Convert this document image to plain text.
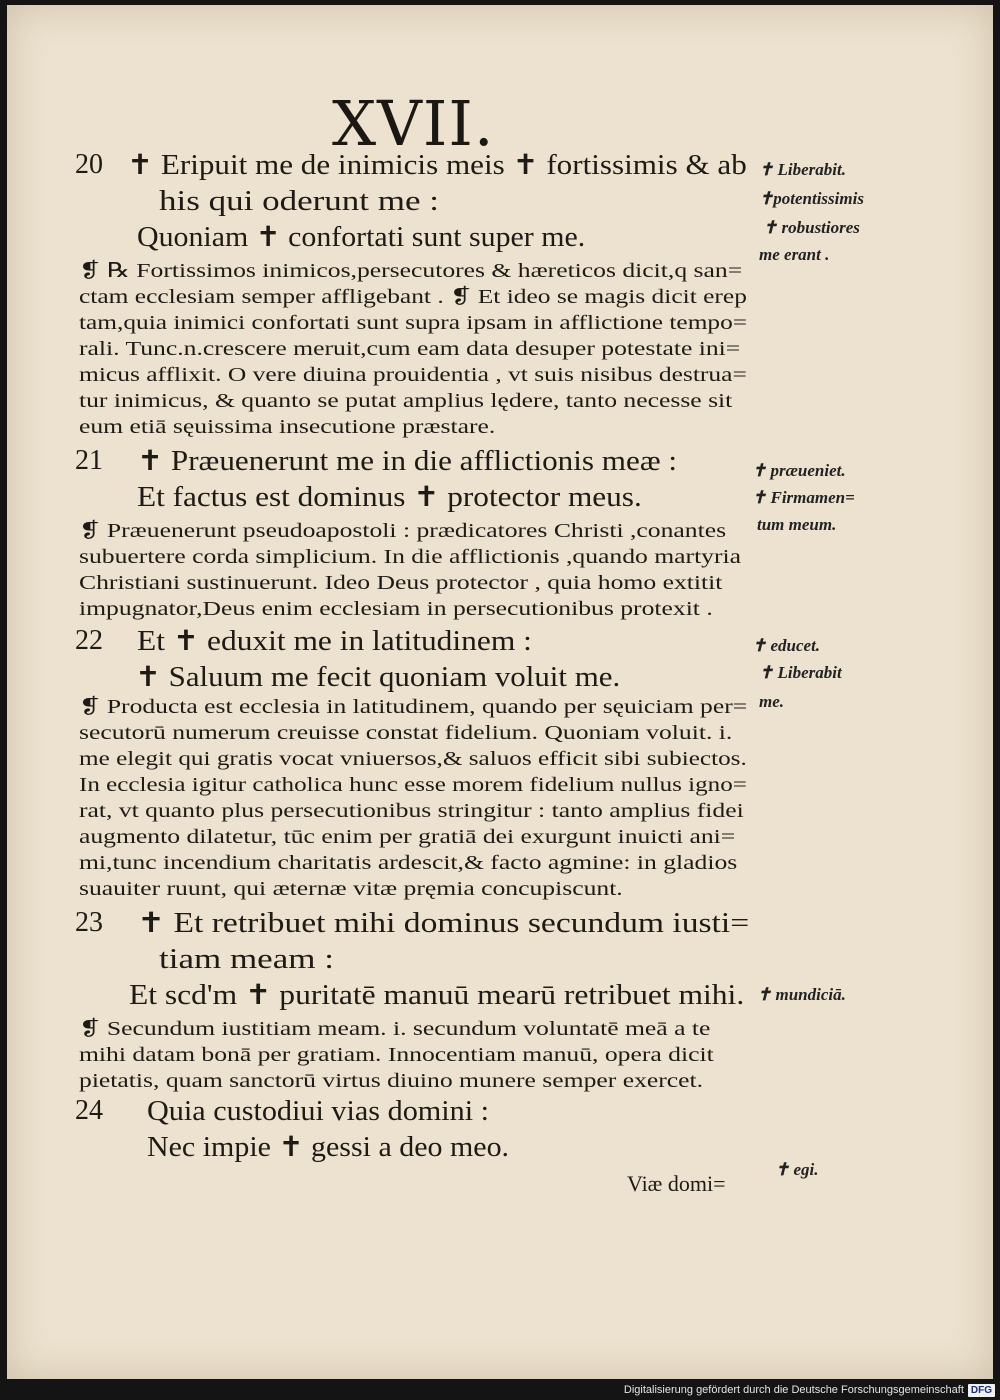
XVII.
✝ Eripuit me de inimicis meis ✝ fortissimis & ab
his qui oderunt me :
Quoniam ✝ confortati sunt super me.
❡ ℞ Fortissimos inimicos,persecutores & hæreticos dicit,q san=
ctam ecclesiam semper affligebant . ❡ Et ideo se magis dicit erep
tam,quia inimici confortati sunt supra ipsam in afflictione tempo=
rali. Tunc.n.crescere meruit,cum eam data desuper potestate ini=
micus afflixit. O vere diuina prouidentia , vt suis nisibus destrua=
tur inimicus, & quanto se putat amplius lędere, tanto necesse sit
eum etiā sęuissima insecutione præstare.
✝ Præuenerunt me in die afflictionis meæ :
Et factus est dominus ✝ protector meus.
❡ Præuenerunt pseudoapostoli : prædicatores Christi ,conantes
subuertere corda simplicium. In die afflictionis ,quando martyria
Christiani sustinuerunt. Ideo Deus protector , quia homo extitit
impugnator,Deus enim ecclesiam in persecutionibus protexit .
Et ✝ eduxit me in latitudinem :
✝ Saluum me fecit quoniam voluit me.
❡ Producta est ecclesia in latitudinem, quando per sęuiciam per=
secutorū numerum creuisse constat fidelium. Quoniam voluit. i.
me elegit qui gratis vocat vniuersos,& saluos efficit sibi subiectos.
In ecclesia igitur catholica hunc esse morem fidelium nullus igno=
rat, vt quanto plus persecutionibus stringitur : tanto amplius fidei
augmento dilatetur, tūc enim per gratiā dei exurgunt inuicti ani=
mi,tunc incendium charitatis ardescit,& facto agmine: in gladios
suauiter ruunt, qui æternæ vitæ pręmia concupiscunt.
✝ Et retribuet mihi dominus secundum iusti=
tiam meam :
Et scd'm ✝ puritatē manuū mearū retribuet mihi.
❡ Secundum iustitiam meam. i. secundum voluntatē meā a te
mihi datam bonā per gratiam. Innocentiam manuū, opera dicit
pietatis, quam sanctorū virtus diuino munere semper exercet.
Quia custodiui vias domini :
Nec impie ✝ gessi a deo meo.
20
21
22
23
24
✝ Liberabit.
✝potentissimis
✝ robustiores
me erant .
✝ præueniet.
✝ Firmamen=
tum meum.
✝ educet.
✝ Liberabit
me.
✝ mundiciā.
✝ egi.
Viæ domi=
Digitalisierung gefördert durch die Deutsche Forschungsgemeinschaft DFG
